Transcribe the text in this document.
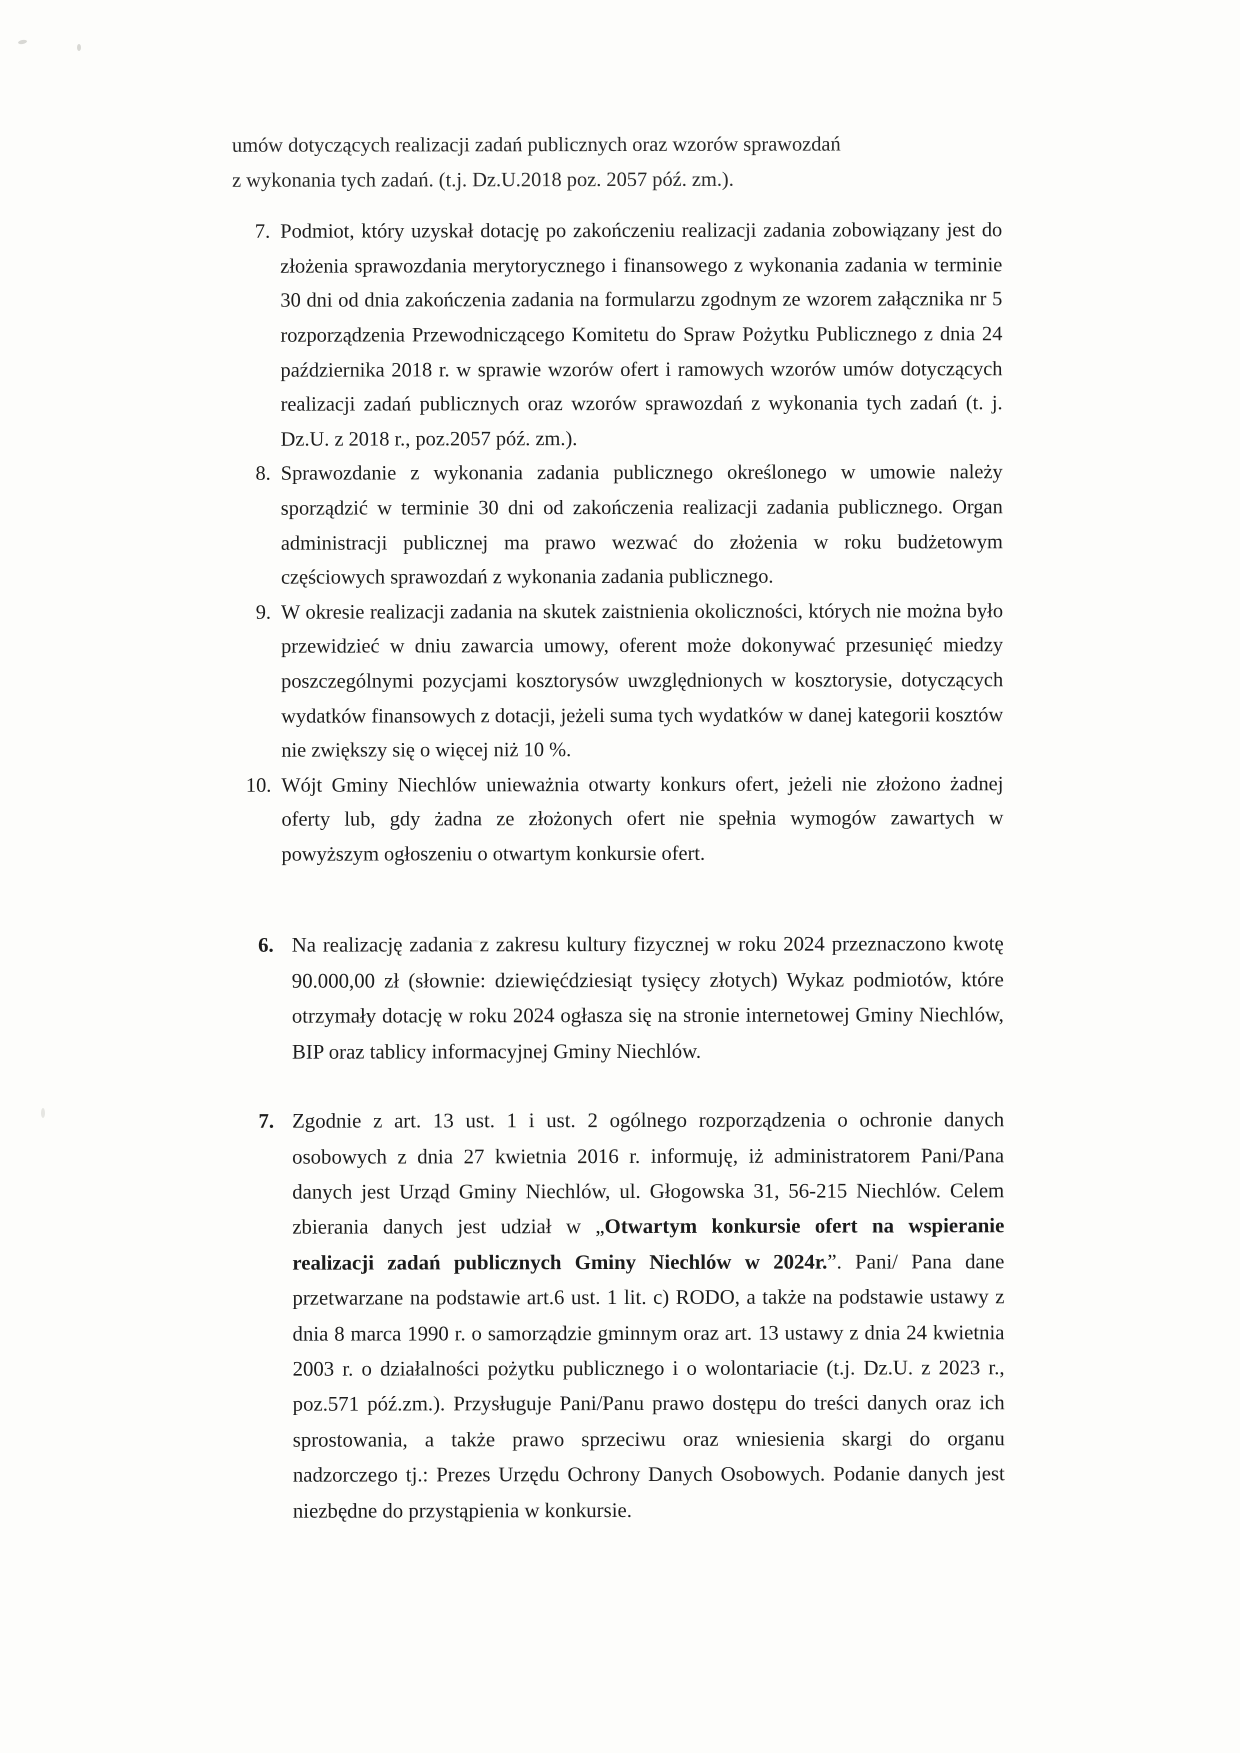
umów dotyczących realizacji zadań publicznych oraz wzorów sprawozdań
z wykonania tych zadań. (t.j. Dz.U.2018 poz. 2057 póź. zm.).
7. Podmiot, który uzyskał dotację po zakończeniu realizacji zadania zobowiązany jest do złożenia sprawozdania merytorycznego i finansowego z wykonania zadania w terminie 30 dni od dnia zakończenia zadania na formularzu zgodnym ze wzorem załącznika nr 5 rozporządzenia Przewodniczącego Komitetu do Spraw Pożytku Publicznego z dnia 24 października 2018 r. w sprawie wzorów ofert i ramowych wzorów umów dotyczących realizacji zadań publicznych oraz wzorów sprawozdań z wykonania tych zadań (t. j. Dz.U. z 2018 r., poz.2057 póź. zm.).
8. Sprawozdanie z wykonania zadania publicznego określonego w umowie należy sporządzić w terminie 30 dni od zakończenia realizacji zadania publicznego. Organ administracji publicznej ma prawo wezwać do złożenia w roku budżetowym częściowych sprawozdań z wykonania zadania publicznego.
9. W okresie realizacji zadania na skutek zaistnienia okoliczności, których nie można było przewidzieć w dniu zawarcia umowy, oferent może dokonywać przesunięć miedzy poszczególnymi pozycjami kosztorysów uwzględnionych w kosztorysie, dotyczących wydatków finansowych z dotacji, jeżeli suma tych wydatków w danej kategorii kosztów nie zwiększy się o więcej niż 10 %.
10. Wójt Gminy Niechlów unieważnia otwarty konkurs ofert, jeżeli nie złożono żadnej oferty lub, gdy żadna ze złożonych ofert nie spełnia wymogów zawartych w powyższym ogłoszeniu o otwartym konkursie ofert.
6. Na realizację zadania z zakresu kultury fizycznej w roku 2024 przeznaczono kwotę 90.000,00 zł (słownie: dziewięćdziesiąt tysięcy złotych) Wykaz podmiotów, które otrzymały dotację w roku 2024 ogłasza się na stronie internetowej Gminy Niechlów, BIP oraz tablicy informacyjnej Gminy Niechlów.
7. Zgodnie z art. 13 ust. 1 i ust. 2 ogólnego rozporządzenia o ochronie danych osobowych z dnia 27 kwietnia 2016 r. informuję, iż administratorem Pani/Pana danych jest Urząd Gminy Niechlów, ul. Głogowska 31, 56-215 Niechlów. Celem zbierania danych jest udział w „Otwartym konkursie ofert na wspieranie realizacji zadań publicznych Gminy Niechlów w 2024r.”. Pani/ Pana dane przetwarzane na podstawie art.6 ust. 1 lit. c) RODO, a także na podstawie ustawy z dnia 8 marca 1990 r. o samorządzie gminnym oraz art. 13 ustawy z dnia 24 kwietnia 2003 r. o działalności pożytku publicznego i o wolontariacie (t.j. Dz.U. z 2023 r., poz.571 póź.zm.). Przysługuje Pani/Panu prawo dostępu do treści danych oraz ich sprostowania, a także prawo sprzeciwu oraz wniesienia skargi do organu nadzorczego tj.: Prezes Urzędu Ochrony Danych Osobowych. Podanie danych jest niezbędne do przystąpienia w konkursie.
